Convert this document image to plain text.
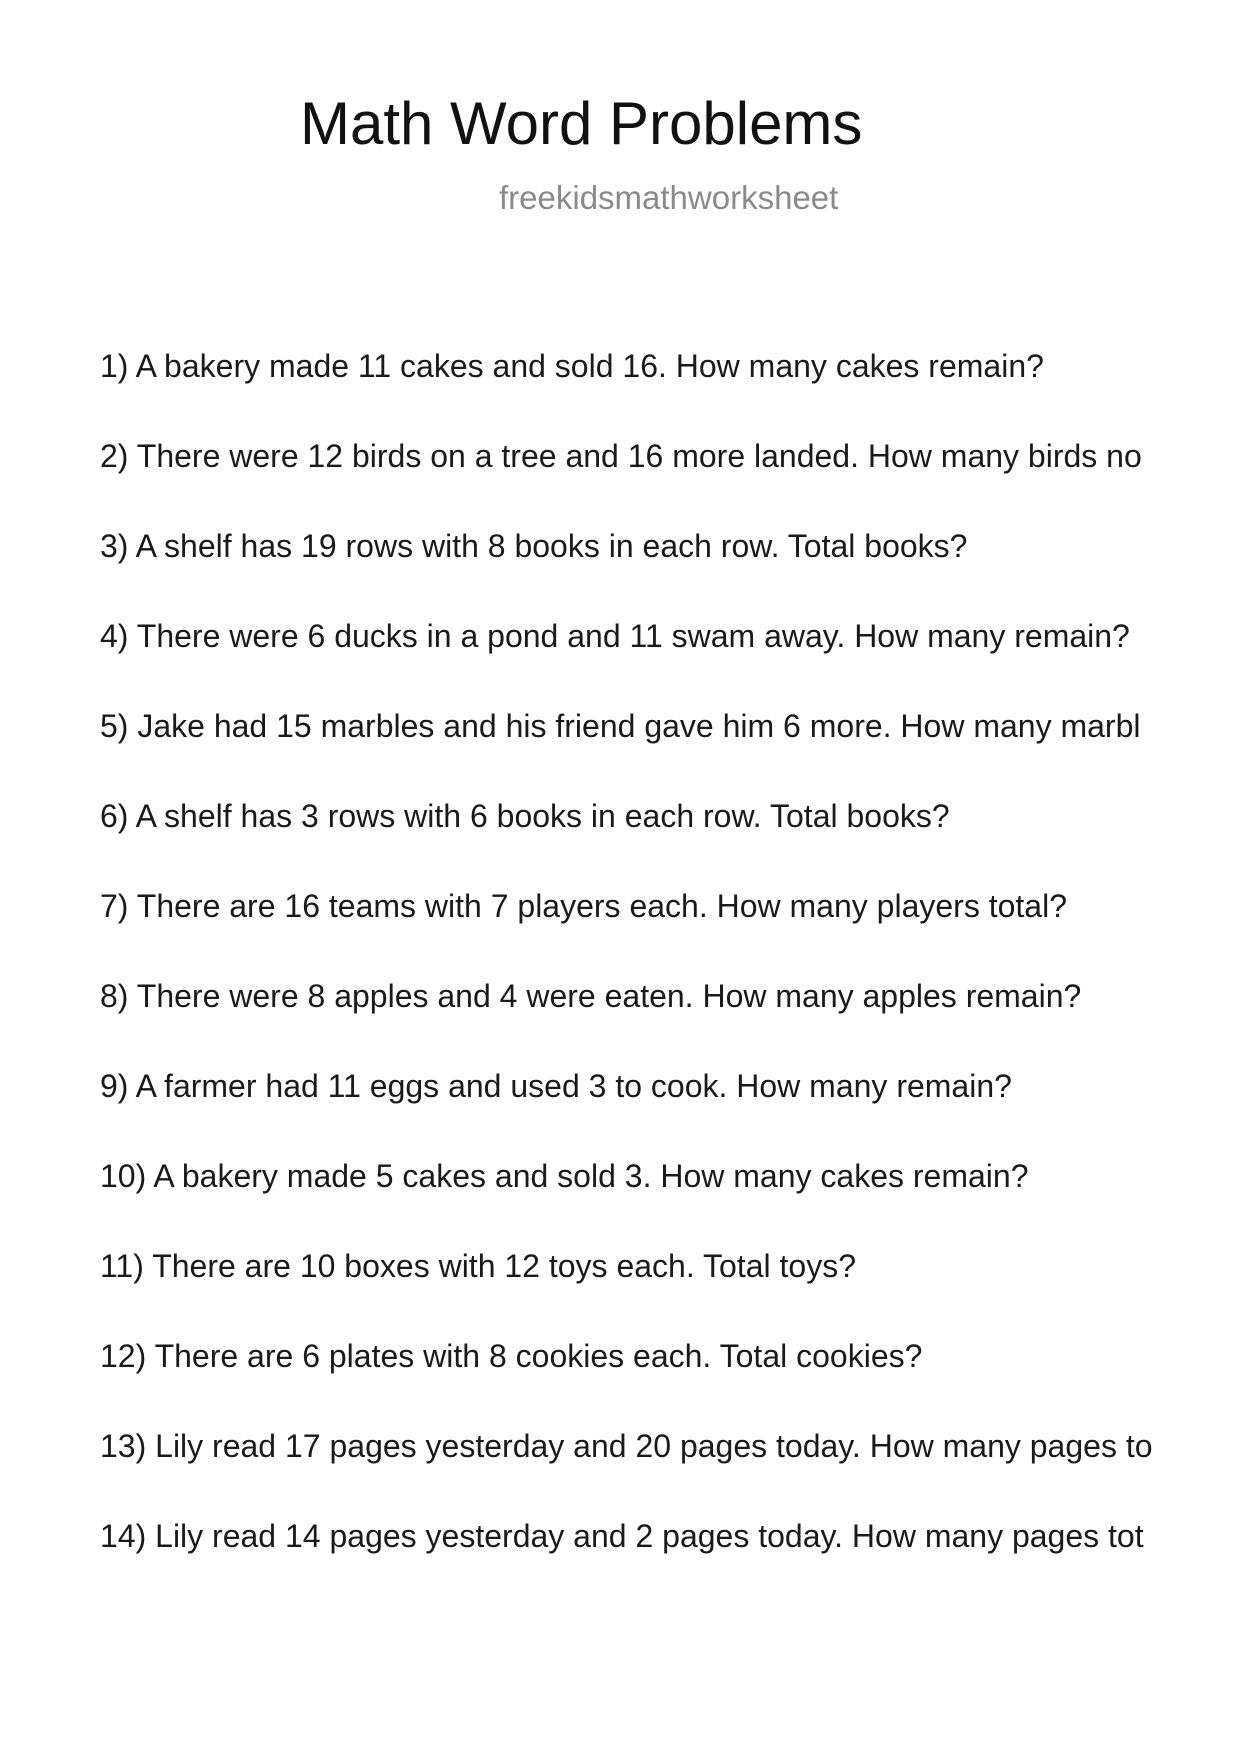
Math Word Problems
freekidsmathworksheet
1) A bakery made 11 cakes and sold 16. How many cakes remain?
2) There were 12 birds on a tree and 16 more landed. How many birds no
3) A shelf has 19 rows with 8 books in each row. Total books?
4) There were 6 ducks in a pond and 11 swam away. How many remain?
5) Jake had 15 marbles and his friend gave him 6 more. How many marbl
6) A shelf has 3 rows with 6 books in each row. Total books?
7) There are 16 teams with 7 players each. How many players total?
8) There were 8 apples and 4 were eaten. How many apples remain?
9) A farmer had 11 eggs and used 3 to cook. How many remain?
10) A bakery made 5 cakes and sold 3. How many cakes remain?
11) There are 10 boxes with 12 toys each. Total toys?
12) There are 6 plates with 8 cookies each. Total cookies?
13) Lily read 17 pages yesterday and 20 pages today. How many pages to
14) Lily read 14 pages yesterday and 2 pages today. How many pages tot
